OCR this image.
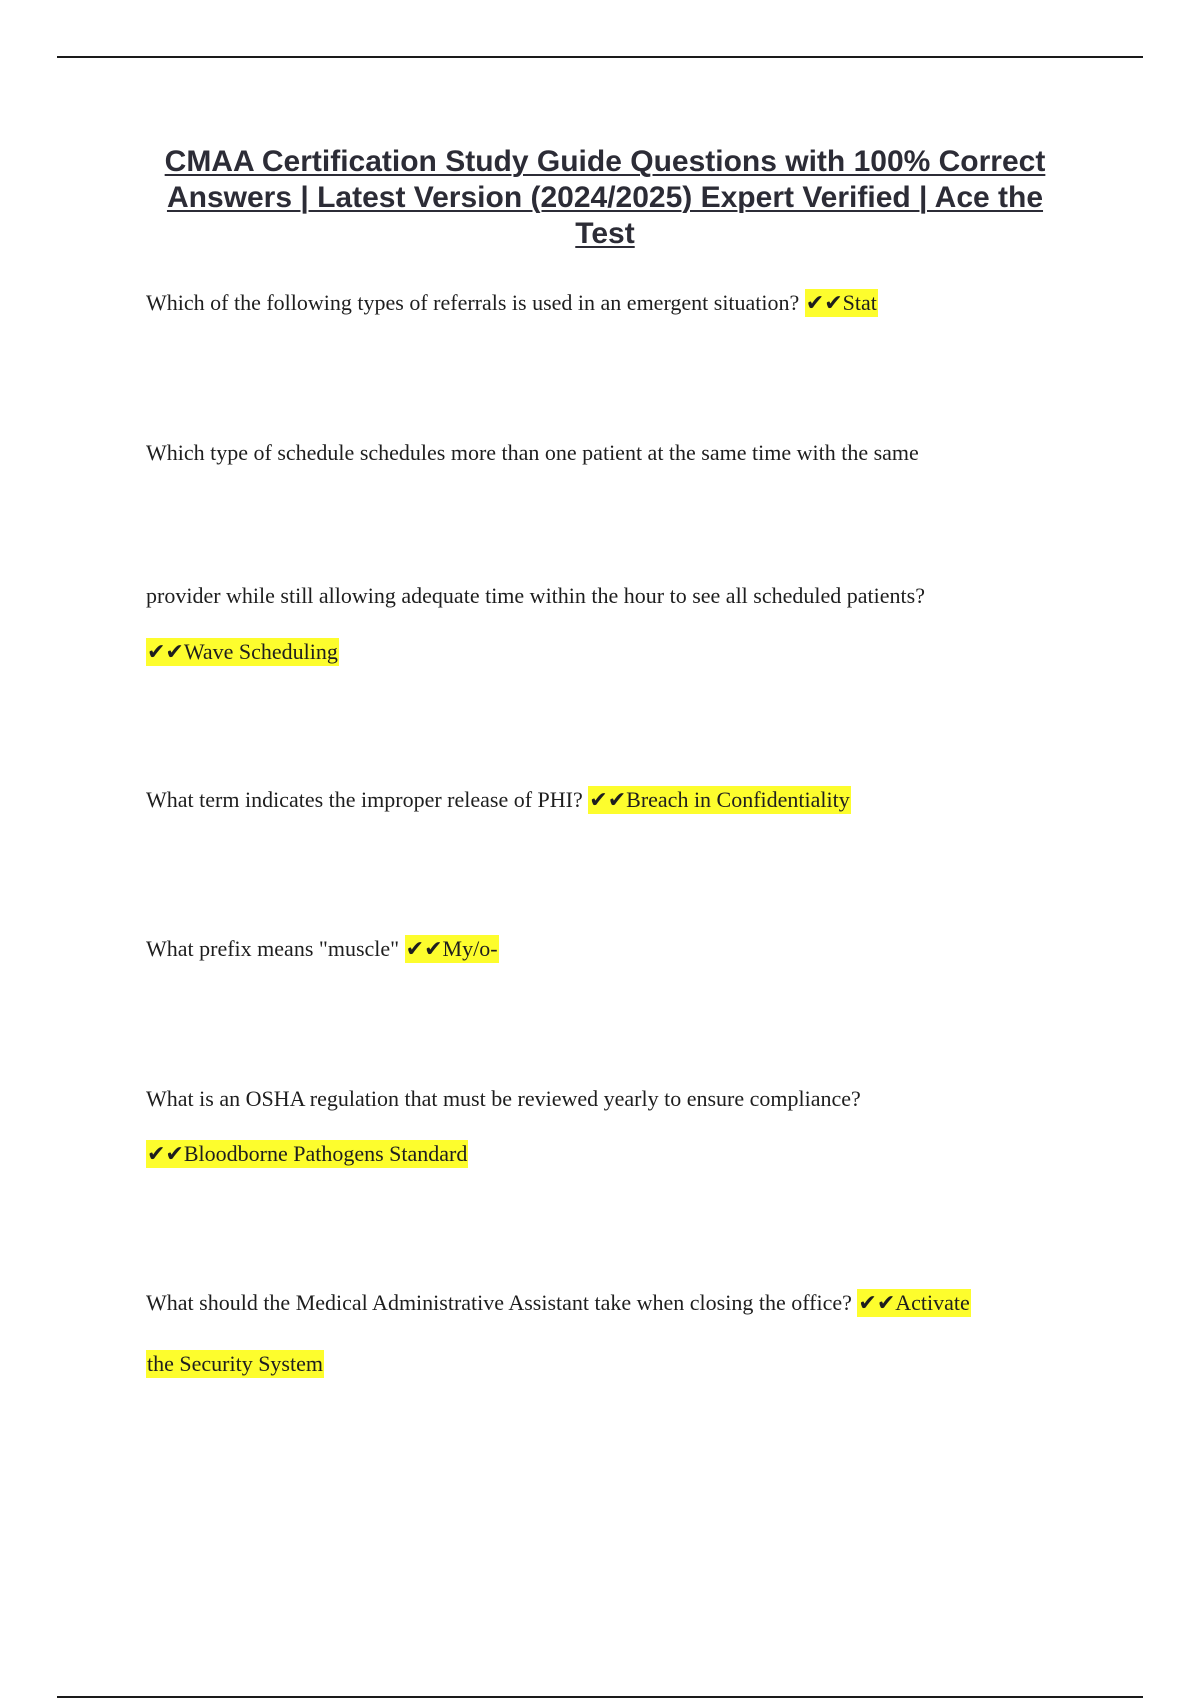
CMAA Certification Study Guide Questions with 100% Correct Answers | Latest Version (2024/2025) Expert Verified | Ace the Test
Which of the following types of referrals is used in an emergent situation? ✔✔Stat
Which type of schedule schedules more than one patient at the same time with the same
provider while still allowing adequate time within the hour to see all scheduled patients?
✔✔Wave Scheduling
What term indicates the improper release of PHI? ✔✔Breach in Confidentiality
What prefix means "muscle" ✔✔My/o-
What is an OSHA regulation that must be reviewed yearly to ensure compliance?
✔✔Bloodborne Pathogens Standard
What should the Medical Administrative Assistant take when closing the office? ✔✔Activate
the Security System
